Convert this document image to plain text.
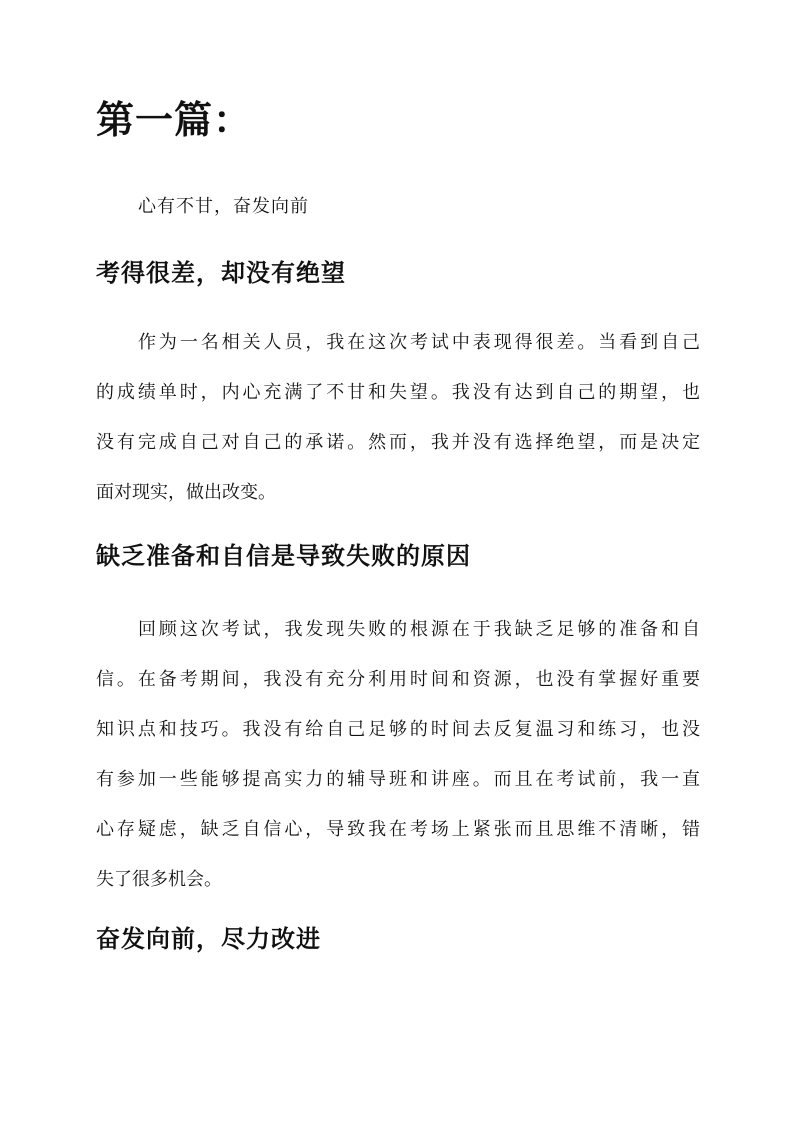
第一篇：

心有不甘，奋发向前

考得很差，却没有绝望
作为一名相关人员，我在这次考试中表现得很差。当看到自己
的成绩单时，内心充满了不甘和失望。我没有达到自己的期望，也
没有完成自己对自己的承诺。然而，我并没有选择绝望，而是决定
面对现实，做出改变。
缺乏准备和自信是导致失败的原因
回顾这次考试，我发现失败的根源在于我缺乏足够的准备和自
信。在备考期间，我没有充分利用时间和资源，也没有掌握好重要
知识点和技巧。我没有给自己足够的时间去反复温习和练习，也没
有参加一些能够提高实力的辅导班和讲座。而且在考试前，我一直
心存疑虑，缺乏自信心，导致我在考场上紧张而且思维不清晰，错
失了很多机会。
奋发向前，尽力改进
